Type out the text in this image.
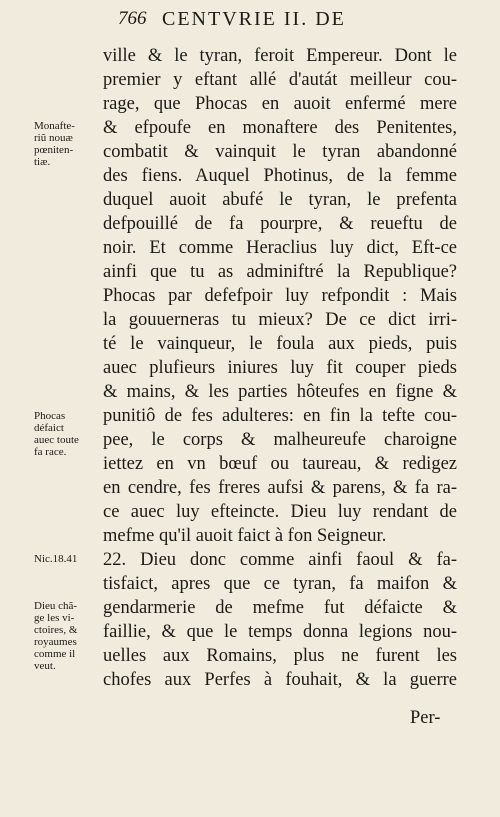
766 CENTVRIE II. DE
ville & le tyran, feroit Empereur. Dont le
premier y eftant allé d'autát meilleur cou-
rage, que Phocas en auoit enfermé mere
& efpoufe en monaftere des Penitentes,
combatit & vainquit le tyran abandonné
des fiens. Auquel Photinus, de la femme
duquel auoit abufé le tyran, le prefenta
defpouillé de fa pourpre, & reueftu de
noir. Et comme Heraclius luy dict, Eft-ce
ainfi que tu as adminiftré la Republique?
Phocas par defefpoir luy refpondit : Mais
la gouuerneras tu mieux? De ce dict irri-
té le vainqueur, le foula aux pieds, puis
auec plufieurs iniures luy fit couper pieds
& mains, & les parties hôteufes en figne &
punitiô de fes adulteres: en fin la tefte cou-
pee, le corps & malheureufe charoigne
iettez en vn bœuf ou taureau, & redigez
en cendre, fes freres aufsi & parens, & fa ra-
ce auec luy efteincte. Dieu luy rendant de
mefme qu'il auoit faict à fon Seigneur.
22. Dieu donc comme ainfi faoul & fa-
tisfaict, apres que ce tyran, fa maifon &
gendarmerie de mefme fut défaicte &
faillie, & que le temps donna legions nou-
uelles aux Romains, plus ne furent les
chofes aux Perfes à fouhait, & la guerre
Monafte-
riũ nouæ
pœniten-
tiæ.
Phocas
défaict
auec toute
fa race.
Nic.18.41
Dieu chã-
ge les vi-
ctoires, &
royaumes
comme il
veut.
Per-
